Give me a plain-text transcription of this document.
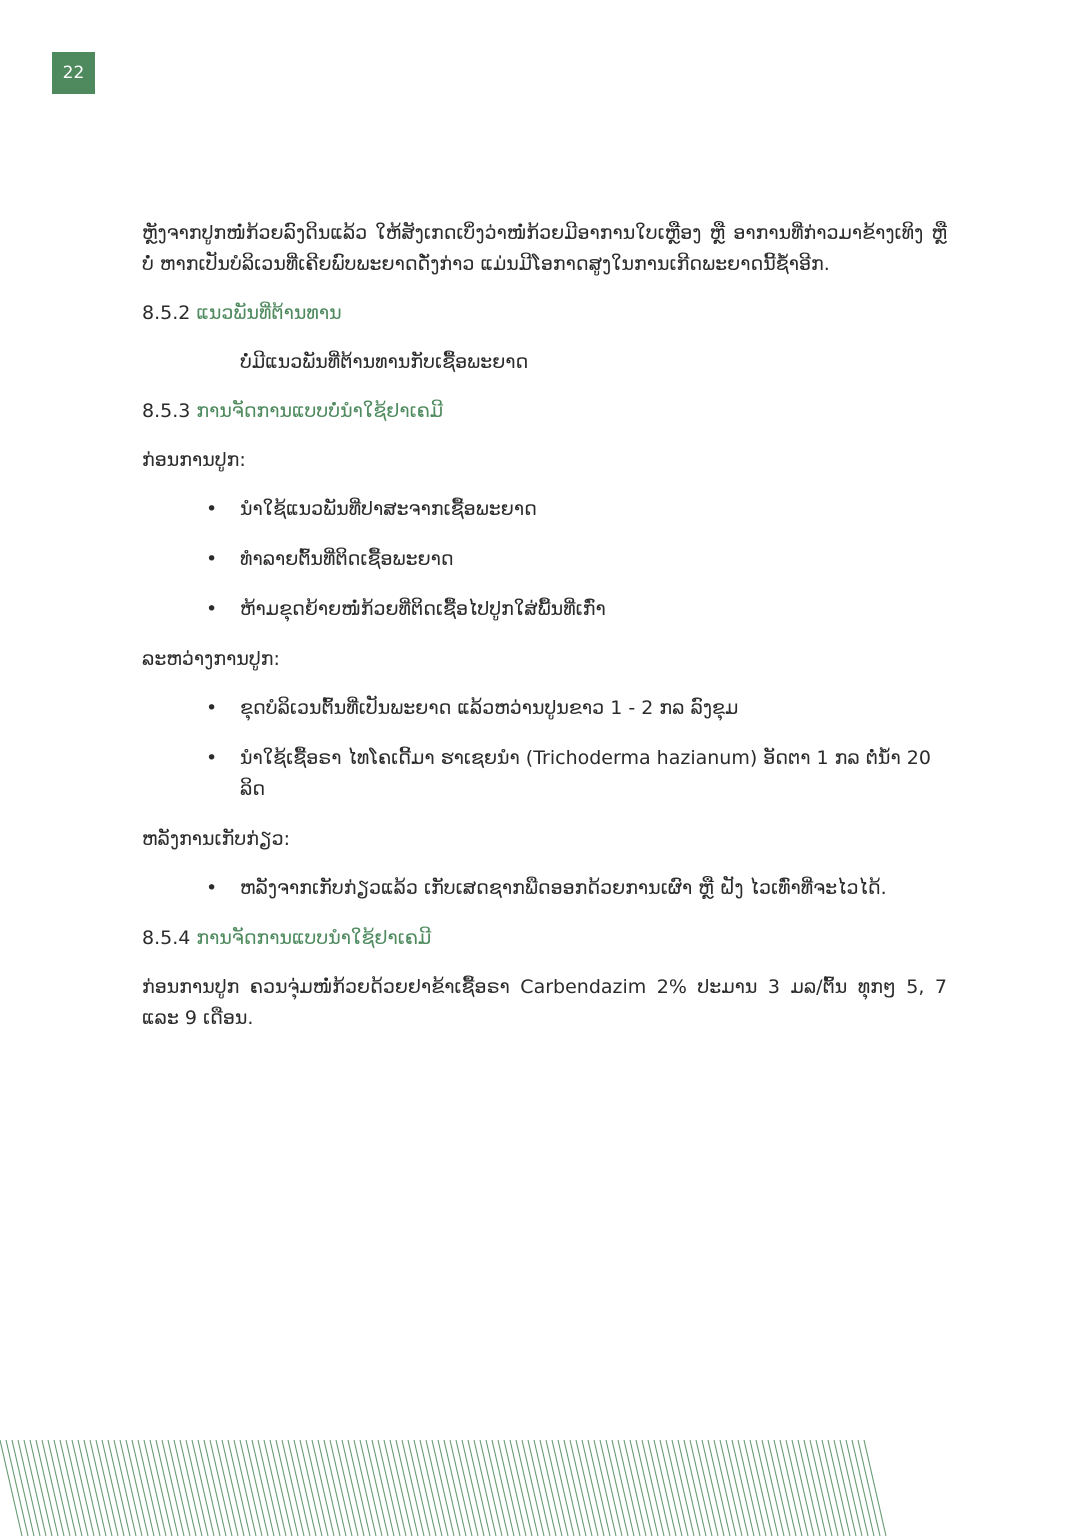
22

ຫຼັງຈາກປູກໜໍ່ກ້ວຍລົງດິນແລ້ວ ໃຫ້ສັງເກດເບິ່ງວ່າໜໍ່ກ້ວຍມີອາການໃບເຫຼືອງ ຫຼື ອາການທີ່ກ່າວມາຂ້າງເທິງ ຫຼື ບໍ່ ຫາກເປັນບໍລິເວນທີ່ເຄີຍພົບພະຍາດດັ່ງກ່າວ ແມ່ນມີໂອກາດສູງໃນການເກີດພະຍາດນີ້ຊ້ຳອີກ.

8.5.2 ແນວພັນທີ່ຕ້ານທານ

ບໍ່ມີແນວພັນທີ່ຕ້ານທານກັບເຊື້ອພະຍາດ

8.5.3 ການຈັດການແບບບໍ່ນຳໃຊ້ຢາເຄມີ

ກ່ອນການປູກ:

• ນຳໃຊ້ແນວພັນທີ່ປາສະຈາກເຊື້ອພະຍາດ
• ທຳລາຍຕົ້ນທີ່ຕິດເຊື້ອພະຍາດ
• ຫ້າມຂຸດຍ້າຍໜໍ່ກ້ວຍທີ່ຕິດເຊື້ອໄປປູກໃສ່ພື້ນທີ່ເກົ່າ

ລະຫວ່າງການປູກ:

• ຂຸດບໍລິເວນຕົ້ນທີ່ເປັນພະຍາດ ແລ້ວຫວ່ານປູນຂາວ 1 - 2 ກລ ລົງຂຸມ
• ນຳໃຊ້ເຊື້ອຣາ ໄທໂຄເດີ້ມາ ຮາເຊຍນຳ (Trichoderma hazianum) ອັດຕາ 1 ກລ ຕໍ່ນ້ຳ 20 ລິດ

ຫລັງການເກັບກ່ຽວ:

• ຫລັງຈາກເກັບກ່ຽວແລ້ວ ເກັບເສດຊາກພືດອອກດ້ວຍການເຜົາ ຫຼື ຝັງ ໄວເທົ່າທີ່ຈະໄວໄດ້.

8.5.4 ການຈັດການແບບນຳໃຊ້ຢາເຄມີ

ກ່ອນການປູກ ຄວນຈຸ່ມໜໍ່ກ້ວຍດ້ວຍຢາຂ້າເຊື້ອຣາ Carbendazim 2% ປະມານ 3 ມລ/ຕົ້ນ ທຸກໆ 5, 7 ແລະ 9 ເດືອນ.
